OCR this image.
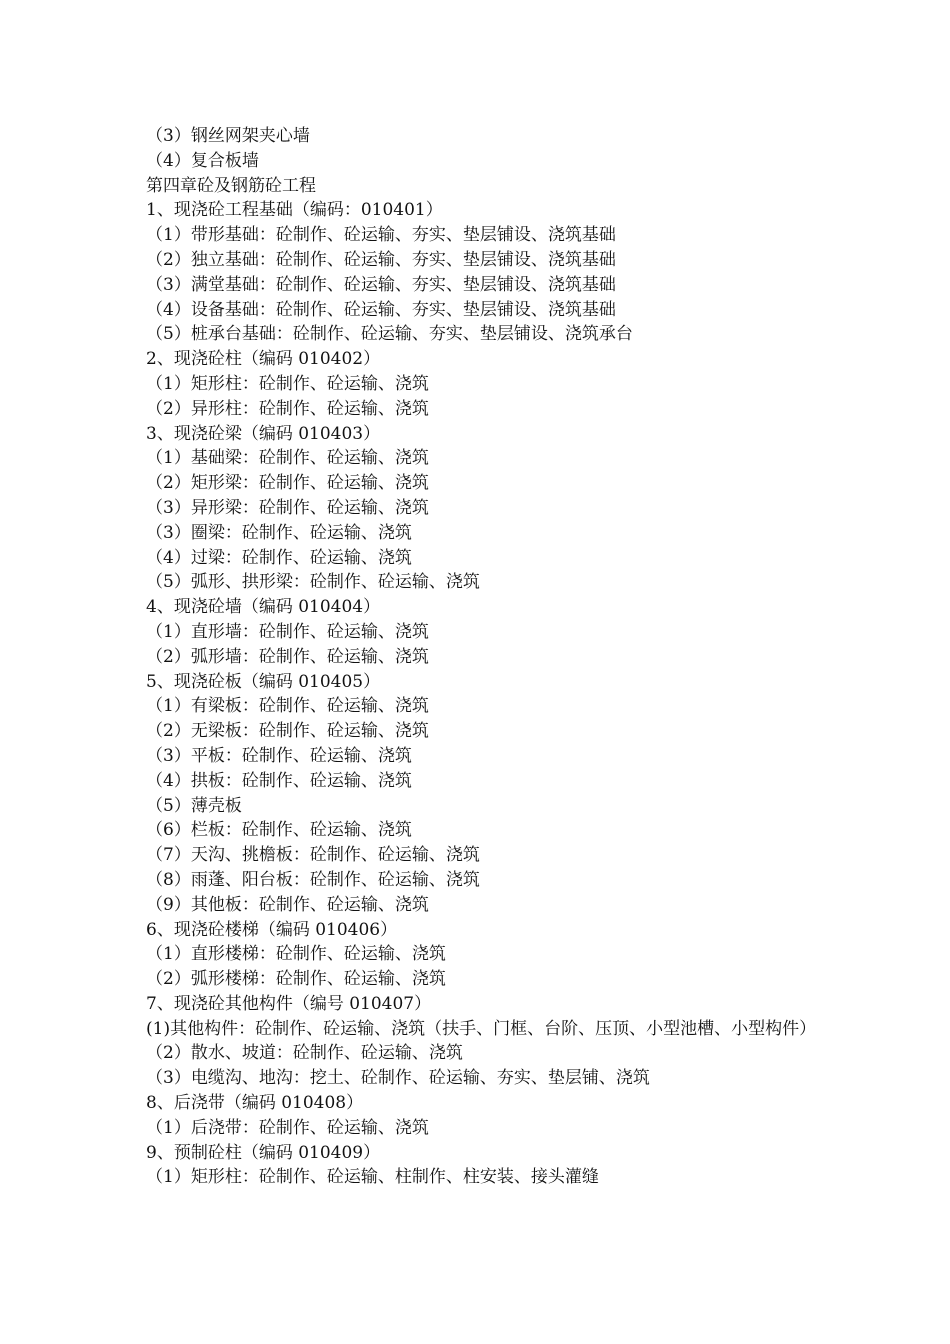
（3）钢丝网架夹心墙
（4）复合板墙
第四章砼及钢筋砼工程
1、现浇砼工程基础（编码：010401）
（1）带形基础：砼制作、砼运输、夯实、垫层铺设、浇筑基础
（2）独立基础：砼制作、砼运输、夯实、垫层铺设、浇筑基础
（3）满堂基础：砼制作、砼运输、夯实、垫层铺设、浇筑基础
（4）设备基础：砼制作、砼运输、夯实、垫层铺设、浇筑基础
（5）桩承台基础：砼制作、砼运输、夯实、垫层铺设、浇筑承台
2、现浇砼柱（编码 010402）
（1）矩形柱：砼制作、砼运输、浇筑
（2）异形柱：砼制作、砼运输、浇筑
3、现浇砼梁（编码 010403）
（1）基础梁：砼制作、砼运输、浇筑
（2）矩形梁：砼制作、砼运输、浇筑
（3）异形梁：砼制作、砼运输、浇筑
（3）圈梁：砼制作、砼运输、浇筑
（4）过梁：砼制作、砼运输、浇筑
（5）弧形、拱形梁：砼制作、砼运输、浇筑
4、现浇砼墙（编码 010404）
（1）直形墙：砼制作、砼运输、浇筑
（2）弧形墙：砼制作、砼运输、浇筑
5、现浇砼板（编码 010405）
（1）有梁板：砼制作、砼运输、浇筑
（2）无梁板：砼制作、砼运输、浇筑
（3）平板：砼制作、砼运输、浇筑
（4）拱板：砼制作、砼运输、浇筑
（5）薄壳板
（6）栏板：砼制作、砼运输、浇筑
（7）天沟、挑檐板：砼制作、砼运输、浇筑
（8）雨蓬、阳台板：砼制作、砼运输、浇筑
（9）其他板：砼制作、砼运输、浇筑
6、现浇砼楼梯（编码 010406）
（1）直形楼梯：砼制作、砼运输、浇筑
（2）弧形楼梯：砼制作、砼运输、浇筑
7、现浇砼其他构件（编号 010407）
(1)其他构件：砼制作、砼运输、浇筑（扶手、门框、台阶、压顶、小型池槽、小型构件）
（2）散水、坡道：砼制作、砼运输、浇筑
（3）电缆沟、地沟：挖土、砼制作、砼运输、夯实、垫层铺、浇筑
8、后浇带（编码 010408）
（1）后浇带：砼制作、砼运输、浇筑
9、预制砼柱（编码 010409）
（1）矩形柱：砼制作、砼运输、柱制作、柱安装、接头灌缝
